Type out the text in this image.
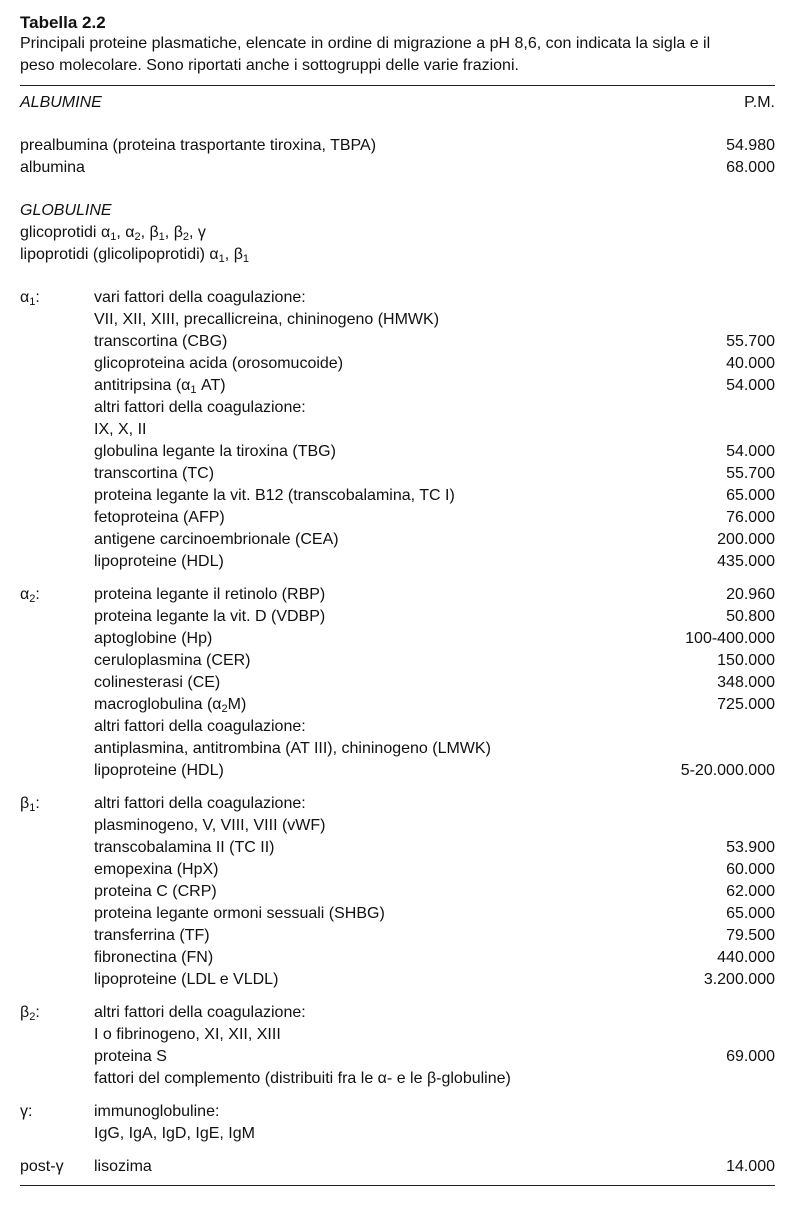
Tabella 2.2

Principali proteine plasmatiche, elencate in ordine di migrazione a pH 8,6, con indicata la sigla e il
peso molecolare. Sono riportati anche i sottogruppi delle varie frazioni.

ALBUMINE	P.M.
prealbumina (proteina trasportante tiroxina, TBPA)	54.980
albumina	68.000
GLOBULINE
glicoprotidi $\alpha_1$, $\alpha_2$, $\beta_1$, $\beta_2$, γ
lipoprotidi (glicolipoprotidi) $\alpha_1$, $\beta_1$
$\alpha_1$:	vari fattori della coagulazione:
VII, XII, XIII, precallicreina, chininogeno (HMWK)
transcortina (CBG)	55.700
glicoproteina acida (orosomucoide)	40.000
antitripsina ($\alpha_1$ AT)	54.000
altri fattori della coagulazione:
IX, X, II
globulina legante la tiroxina (TBG)	54.000
transcortina (TC)	55.700
proteina legante la vit. B12 (transcobalamina, TC I)	65.000
fetoproteina (AFP)	76.000
antigene carcinoembrionale (CEA)	200.000
lipoproteine (HDL)	435.000
$\alpha_2$:	proteina legante il retinolo (RBP)	20.960
proteina legante la vit. D (VDBP)	50.800
aptoglobine (Hp)	100-400.000
ceruloplasmina (CER)	150.000
colinesterasi (CE)	348.000
macroglobulina $(\alpha_2M)$	725.000
altri fattori della coagulazione:
antiplasmina, antitrombina (AT III), chininogeno (LMWK)
lipoproteine (HDL)	5-20.000.000
$\beta_1$:	altri fattori della coagulazione:
plasminogeno, V, VIII, VIII (vWF)
transcobalamina II (TC II)	53.900
emopexina (HpX)	60.000
proteina C (CRP)	62.000
proteina legante ormoni sessuali (SHBG)	65.000
transferrina (TF)	79.500
fibronectina (FN)	440.000
lipoproteine (LDL e VLDL)	3.200.000
$\beta_2$:	altri fattori della coagulazione:
I o fibrinogeno, XI, XII, XIII
proteina S	69.000
fattori del complemento (distribuiti fra le α- e le β-globuline)
γ:	immunoglobuline:
IgG, IgA, IgD, IgE, IgM
post-γ lisozima	14.000
